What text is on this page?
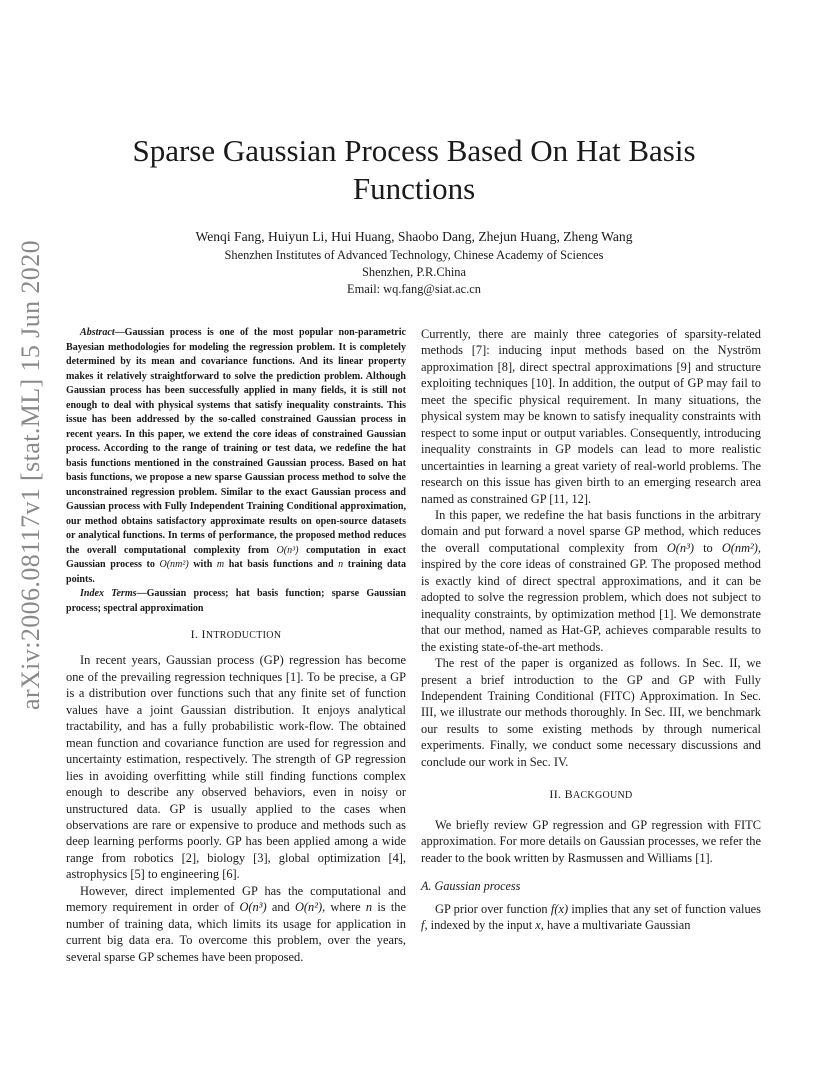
arXiv:2006.08117v1 [stat.ML] 15 Jun 2020
Sparse Gaussian Process Based On Hat Basis Functions
Wenqi Fang, Huiyun Li, Hui Huang, Shaobo Dang, Zhejun Huang, Zheng Wang
Shenzhen Institutes of Advanced Technology, Chinese Academy of Sciences
Shenzhen, P.R.China
Email: wq.fang@siat.ac.cn

Abstract—Gaussian process is one of the most popular non-parametric Bayesian methodologies for modeling the regression problem. It is completely determined by its mean and covariance functions. And its linear property makes it relatively straightforward to solve the prediction problem. Although Gaussian process has been successfully applied in many fields, it is still not enough to deal with physical systems that satisfy inequality constraints. This issue has been addressed by the so-called constrained Gaussian process in recent years. In this paper, we extend the core ideas of constrained Gaussian process. According to the range of training or test data, we redefine the hat basis functions mentioned in the constrained Gaussian process. Based on hat basis functions, we propose a new sparse Gaussian process method to solve the unconstrained regression problem. Similar to the exact Gaussian process and Gaussian process with Fully Independent Training Conditional approximation, our method obtains satisfactory approximate results on open-source datasets or analytical functions. In terms of performance, the proposed method reduces the overall computational complexity from O(n³) computation in exact Gaussian process to O(nm²) with m hat basis functions and n training data points.

Index Terms—Gaussian process; hat basis function; sparse Gaussian process; spectral approximation

I. INTRODUCTION

In recent years, Gaussian process (GP) regression has become one of the prevailing regression techniques [1]. To be precise, a GP is a distribution over functions such that any finite set of function values have a joint Gaussian distribution. It enjoys analytical tractability, and has a fully probabilistic work-flow. The obtained mean function and covariance function are used for regression and uncertainty estimation, respectively. The strength of GP regression lies in avoiding overfitting while still finding functions complex enough to describe any observed behaviors, even in noisy or unstructured data. GP is usually applied to the cases when observations are rare or expensive to produce and methods such as deep learning performs poorly. GP has been applied among a wide range from robotics [2], biology [3], global optimization [4], astrophysics [5] to engineering [6].

However, direct implemented GP has the computational and memory requirement in order of O(n³) and O(n²), where n is the number of training data, which limits its usage for application in current big data era. To overcome this problem, over the years, several sparse GP schemes have been proposed.

Currently, there are mainly three categories of sparsity-related methods [7]: inducing input methods based on the Nyström approximation [8], direct spectral approximations [9] and structure exploiting techniques [10]. In addition, the output of GP may fail to meet the specific physical requirement. In many situations, the physical system may be known to satisfy inequality constraints with respect to some input or output variables. Consequently, introducing inequality constraints in GP models can lead to more realistic uncertainties in learning a great variety of real-world problems. The research on this issue has given birth to an emerging research area named as constrained GP [11, 12].

In this paper, we redefine the hat basis functions in the arbitrary domain and put forward a novel sparse GP method, which reduces the overall computational complexity from O(n³) to O(nm²), inspired by the core ideas of constrained GP. The proposed method is exactly kind of direct spectral approximations, and it can be adopted to solve the regression problem, which does not subject to inequality constraints, by optimization method [1]. We demonstrate that our method, named as Hat-GP, achieves comparable results to the existing state-of-the-art methods.

The rest of the paper is organized as follows. In Sec. II, we present a brief introduction to the GP and GP with Fully Independent Training Conditional (FITC) Approximation. In Sec. III, we illustrate our methods thoroughly. In Sec. III, we benchmark our results to some existing methods by through numerical experiments. Finally, we conduct some necessary discussions and conclude our work in Sec. IV.

II. BACKGOUND

We briefly review GP regression and GP regression with FITC approximation. For more details on Gaussian processes, we refer the reader to the book written by Rasmussen and Williams [1].

A. Gaussian process

GP prior over function f(x) implies that any set of function values f, indexed by the input x, have a multivariate Gaussian
